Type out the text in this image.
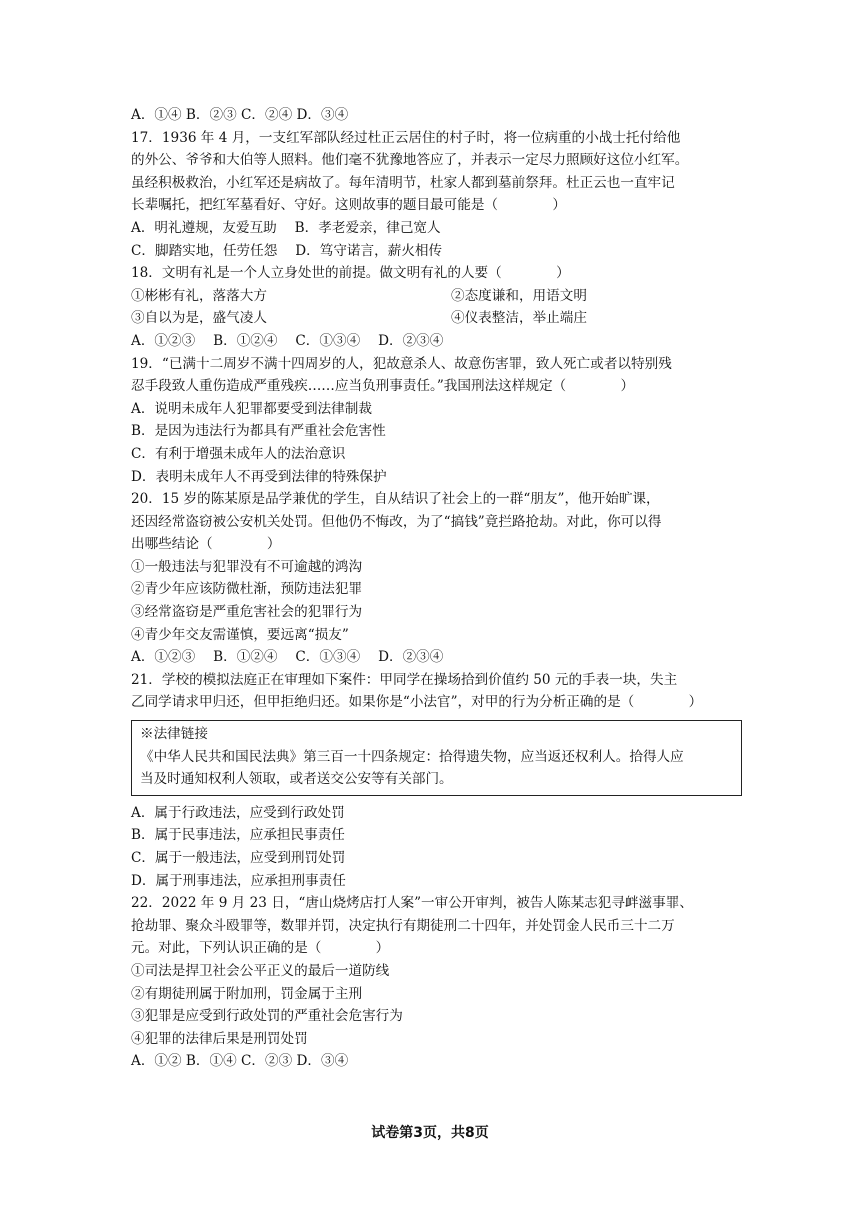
A．①④ B．②③ C．②④ D．③④
17．1936 年 4 月，一支红军部队经过杜正云居住的村子时，将一位病重的小战士托付给他
的外公、爷爷和大伯等人照料。他们毫不犹豫地答应了，并表示一定尽力照顾好这位小红军。
虽经积极救治，小红军还是病故了。每年清明节，杜家人都到墓前祭拜。杜正云也一直牢记
长辈嘱托，把红军墓看好、守好。这则故事的题目最可能是（　　　　）
A．明礼遵规，友爱互助　 B．孝老爱亲，律己宽人
C．脚踏实地，任劳任怨　 D．笃守诺言，薪火相传
18．文明有礼是一个人立身处世的前提。做文明有礼的人要（　　　　）
①彬彬有礼，落落大方	②态度谦和，用语文明
③自以为是，盛气凌人	④仪表整洁，举止端庄
A．①②③　 B．①②④　 C．①③④　 D．②③④
19．“已满十二周岁不满十四周岁的人，犯故意杀人、故意伤害罪，致人死亡或者以特别残
忍手段致人重伤造成严重残疾……应当负刑事责任。”我国刑法这样规定（　　　　）
A．说明未成年人犯罪都要受到法律制裁
B．是因为违法行为都具有严重社会危害性
C．有利于增强未成年人的法治意识
D．表明未成年人不再受到法律的特殊保护
20．15 岁的陈某原是品学兼优的学生，自从结识了社会上的一群“朋友”，他开始旷课，
还因经常盗窃被公安机关处罚。但他仍不悔改，为了“搞钱”竟拦路抢劫。对此，你可以得
出哪些结论（　　　　）
①一般违法与犯罪没有不可逾越的鸿沟
②青少年应该防微杜渐，预防违法犯罪
③经常盗窃是严重危害社会的犯罪行为
④青少年交友需谨慎，要远离“损友”
A．①②③　 B．①②④　 C．①③④　 D．②③④
21．学校的模拟法庭正在审理如下案件：甲同学在操场拾到价值约 50 元的手表一块，失主
乙同学请求甲归还，但甲拒绝归还。如果你是“小法官”，对甲的行为分析正确的是（　　　　）
※法律链接
《中华人民共和国民法典》第三百一十四条规定：拾得遗失物，应当返还权利人。拾得人应
当及时通知权利人领取，或者送交公安等有关部门。
A．属于行政违法，应受到行政处罚
B．属于民事违法，应承担民事责任
C．属于一般违法，应受到刑罚处罚
D．属于刑事违法，应承担刑事责任
22．2022 年 9 月 23 日，“唐山烧烤店打人案”一审公开审判，被告人陈某志犯寻衅滋事罪、
抢劫罪、聚众斗殴罪等，数罪并罚，决定执行有期徒刑二十四年，并处罚金人民币三十二万
元。对此，下列认识正确的是（　　　　）
①司法是捍卫社会公平正义的最后一道防线
②有期徒刑属于附加刑，罚金属于主刑
③犯罪是应受到行政处罚的严重社会危害行为
④犯罪的法律后果是刑罚处罚
A．①② B．①④ C．②③ D．③④
试卷第3页，共8页
